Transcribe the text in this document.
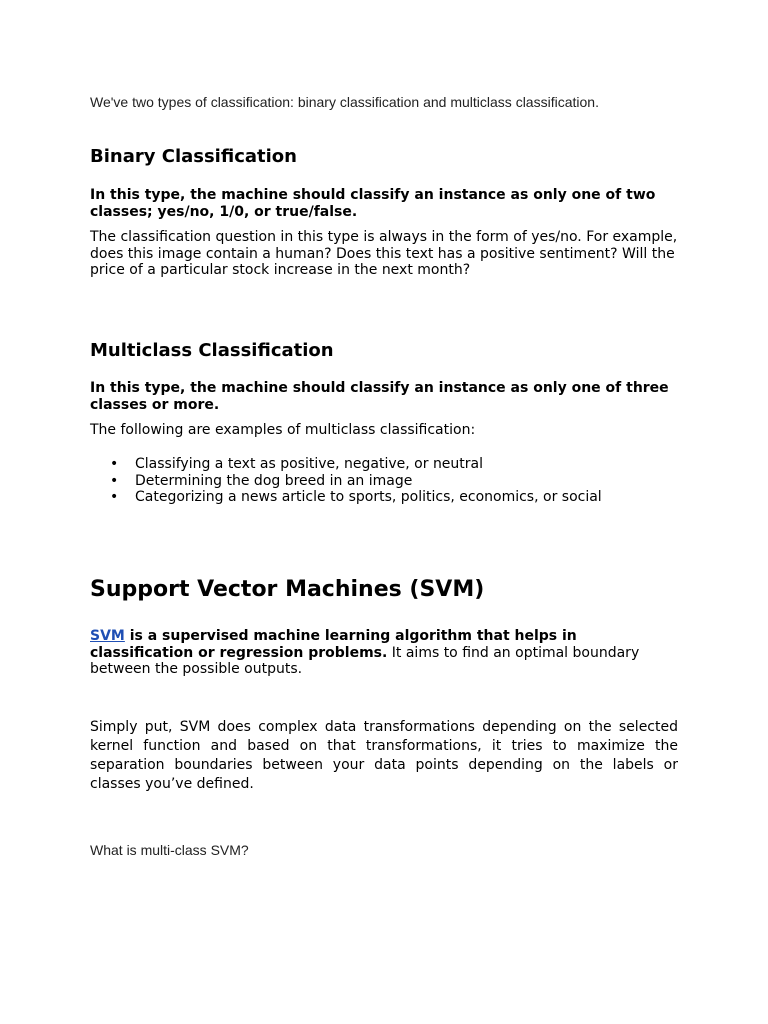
We've two types of classification: binary classification and multiclass classification.

Binary Classification

In this type, the machine should classify an instance as only one of two classes; yes/no, 1/0, or true/false.

The classification question in this type is always in the form of yes/no. For example, does this image contain a human? Does this text has a positive sentiment? Will the price of a particular stock increase in the next month?

Multiclass Classification

In this type, the machine should classify an instance as only one of three classes or more.

The following are examples of multiclass classification:

• Classifying a text as positive, negative, or neutral
• Determining the dog breed in an image
• Categorizing a news article to sports, politics, economics, or social
Support Vector Machines (SVM)

SVM is a supervised machine learning algorithm that helps in classification or regression problems. It aims to find an optimal boundary between the possible outputs.

Simply put, SVM does complex data transformations depending on the selected kernel function and based on that transformations, it tries to maximize the separation boundaries between your data points depending on the labels or classes you’ve defined.

What is multi-class SVM?
